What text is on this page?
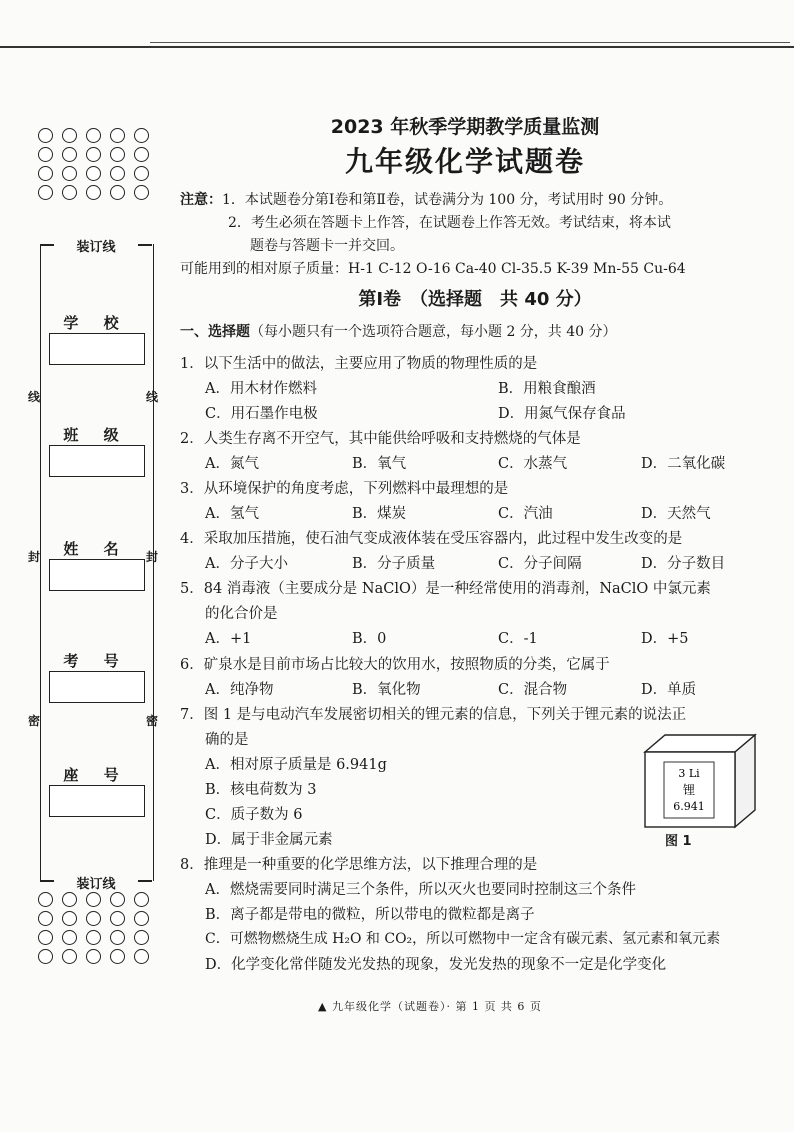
装订线
装订线
线	线
封	封
密	密
学 校
班 级
姓 名
考 号
座 号
2023 年秋季学期教学质量监测
九年级化学试题卷
注意：1．本试题卷分第Ⅰ卷和第Ⅱ卷，试卷满分为 100 分，考试用时 90 分钟。
2．考生必须在答题卡上作答，在试题卷上作答无效。考试结束，将本试
题卷与答题卡一并交回。
可能用到的相对原子质量：H-1 C-12 O-16 Ca-40 Cl-35.5 K-39 Mn-55 Cu-64
第Ⅰ卷　（选择题　共 40 分）
一、选择题（每小题只有一个选项符合题意，每小题 2 分，共 40 分）
1．以下生活中的做法，主要应用了物质的物理性质的是
A．用木材作燃料	B．用粮食酿酒
C．用石墨作电极	D．用氮气保存食品
2．人类生存离不开空气，其中能供给呼吸和支持燃烧的气体是
A．氮气	B．氧气	C．水蒸气	D．二氧化碳
3．从环境保护的角度考虑，下列燃料中最理想的是
A．氢气	B．煤炭	C．汽油	D．天然气
4．采取加压措施，使石油气变成液体装在受压容器内，此过程中发生改变的是
A．分子大小	B．分子质量	C．分子间隔	D．分子数目
5．84 消毒液（主要成分是 NaClO）是一种经常使用的消毒剂，NaClO 中氯元素
的化合价是
A．+1	B．0	C．-1	D．+5
6．矿泉水是目前市场占比较大的饮用水，按照物质的分类，它属于
A．纯净物	B．氧化物	C．混合物	D．单质
7．图 1 是与电动汽车发展密切相关的锂元素的信息，下列关于锂元素的说法正
确的是
A．相对原子质量是 6.941g
B．核电荷数为 3
C．质子数为 6
D．属于非金属元素
3 Li
锂
6.941
图 1
8．推理是一种重要的化学思维方法，以下推理合理的是
A．燃烧需要同时满足三个条件，所以灭火也要同时控制这三个条件
B．离子都是带电的微粒，所以带电的微粒都是离子
C．可燃物燃烧生成 H₂O 和 CO₂，所以可燃物中一定含有碳元素、氢元素和氧元素
D．化学变化常伴随发光发热的现象，发光发热的现象不一定是化学变化
▲ 九年级化学（试题卷）· 第 1 页 共 6 页
